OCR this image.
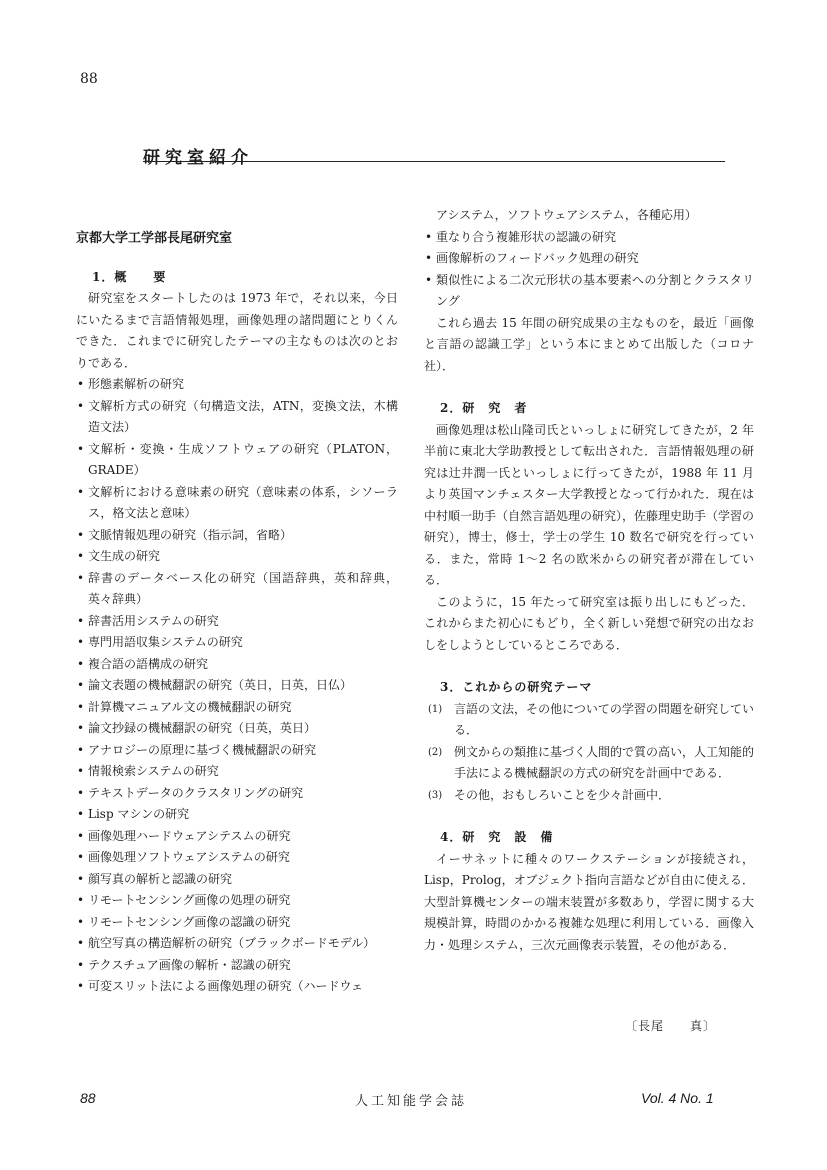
88
研究室紹介

京都大学工学部長尾研究室

1．概　　要

研究室をスタートしたのは 1973 年で，それ以来，今日にいたるまで言語情報処理，画像処理の諸問題にとりくんできた．これまでに研究したテーマの主なものは次のとおりである．

• 形態素解析の研究
• 文解析方式の研究（句構造文法，ATN，変換文法，木構造文法）
• 文解析・変換・生成ソフトウェアの研究（PLATON，GRADE）
• 文解析における意味素の研究（意味素の体系，シソーラス，格文法と意味）
• 文脈情報処理の研究（指示詞，省略）
• 文生成の研究
• 辞書のデータベース化の研究（国語辞典，英和辞典，英々辞典）
• 辞書活用システムの研究
• 専門用語収集システムの研究
• 複合語の語構成の研究
• 論文表題の機械翻訳の研究（英日，日英，日仏）
• 計算機マニュアル文の機械翻訳の研究
• 論文抄録の機械翻訳の研究（日英，英日）
• アナロジーの原理に基づく機械翻訳の研究
• 情報検索システムの研究
• テキストデータのクラスタリングの研究
• Lisp マシンの研究
• 画像処理ハードウェアシテスムの研究
• 画像処理ソフトウェアシステムの研究
• 顔写真の解析と認識の研究
• リモートセンシング画像の処理の研究
• リモートセンシング画像の認識の研究
• 航空写真の構造解析の研究（ブラックボードモデル）
• テクスチュア画像の解析・認識の研究
• 可変スリット法による画像処理の研究（ハードウェ

アシステム，ソフトウェアシステム，各種応用）

• 重なり合う複雑形状の認識の研究
• 画像解析のフィードバック処理の研究
• 類似性による二次元形状の基本要素への分割とクラスタリング

これら過去 15 年間の研究成果の主なものを，最近「画像と言語の認識工学」という本にまとめて出版した（コロナ社）．

2．研　究　者

画像処理は松山隆司氏といっしょに研究してきたが，2 年半前に東北大学助教授として転出された．言語情報処理の研究は辻井潤一氏といっしょに行ってきたが，1988 年 11 月より英国マンチェスター大学教授となって行かれた．現在は中村順一助手（自然言語処理の研究），佐藤理史助手（学習の研究），博士，修士，学士の学生 10 数名で研究を行っている．また，常時 1～2 名の欧米からの研究者が滞在している．

このように，15 年たって研究室は振り出しにもどった．これからまた初心にもどり，全く新しい発想で研究の出なおしをしようとしているところである．

3．これからの研究テーマ

(1) 言語の文法，その他についての学習の問題を研究している．
(2) 例文からの類推に基づく人間的で質の高い，人工知能的手法による機械翻訳の方式の研究を計画中である．
(3) その他，おもしろいことを少々計画中．

4．研　究　設　備

イーサネットに種々のワークステーションが接続され，Lisp，Prolog，オブジェクト指向言語などが自由に使える．大型計算機センターの端末装置が多数あり，学習に関する大規模計算，時間のかかる複雑な処理に利用している．画像入力・処理システム，三次元画像表示装置，その他がある．

〔長尾　　真〕
88	人工知能学会誌	Vol. 4 No. 1
